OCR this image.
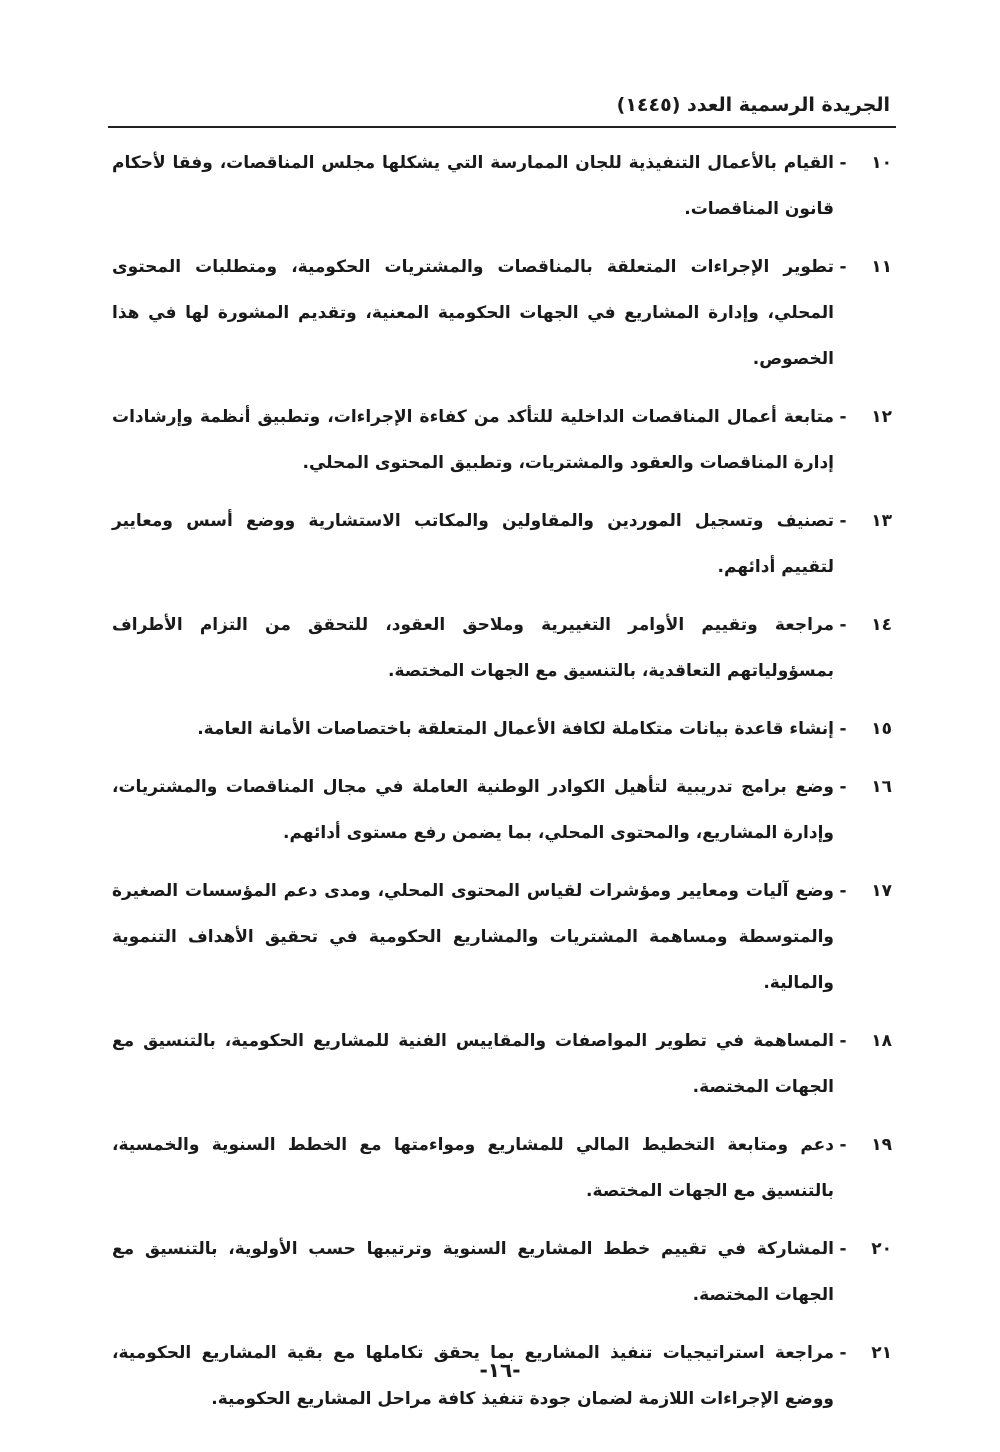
الجريدة الرسمية العدد (١٤٤٥)
١٠
-
القيام بالأعمال التنفيذية للجان الممارسة التي يشكلها مجلس المناقصات، وفقا لأحكام قانون المناقصات.
١١
-
تطوير الإجراءات المتعلقة بالمناقصات والمشتريات الحكومية، ومتطلبات المحتوى المحلي، وإدارة المشاريع في الجهات الحكومية المعنية، وتقديم المشورة لها في هذا الخصوص.
١٢
-
متابعة أعمال المناقصات الداخلية للتأكد من كفاءة الإجراءات، وتطبيق أنظمة وإرشادات إدارة المناقصات والعقود والمشتريات، وتطبيق المحتوى المحلي.
١٣
-
تصنيف وتسجيل الموردين والمقاولين والمكاتب الاستشارية ووضع أسس ومعايير لتقييم أدائهم.
١٤
-
مراجعة وتقييم الأوامر التغييرية وملاحق العقود، للتحقق من التزام الأطراف بمسؤولياتهم التعاقدية، بالتنسيق مع الجهات المختصة.
١٥
-
إنشاء قاعدة بيانات متكاملة لكافة الأعمال المتعلقة باختصاصات الأمانة العامة.
١٦
-
وضع برامج تدريبية لتأهيل الكوادر الوطنية العاملة في مجال المناقصات والمشتريات، وإدارة المشاريع، والمحتوى المحلي، بما يضمن رفع مستوى أدائهم.
١٧
-
وضع آليات ومعايير ومؤشرات لقياس المحتوى المحلي، ومدى دعم المؤسسات الصغيرة والمتوسطة ومساهمة المشتريات والمشاريع الحكومية في تحقيق الأهداف التنموية والمالية.
١٨
-
المساهمة في تطوير المواصفات والمقاييس الفنية للمشاريع الحكومية، بالتنسيق مع الجهات المختصة.
١٩
-
دعم ومتابعة التخطيط المالي للمشاريع ومواءمتها مع الخطط السنوية والخمسية، بالتنسيق مع الجهات المختصة.
٢٠
-
المشاركة في تقييم خطط المشاريع السنوية وترتيبها حسب الأولوية، بالتنسيق مع الجهات المختصة.
٢١
-
مراجعة استراتيجيات تنفيذ المشاريع بما يحقق تكاملها مع بقية المشاريع الحكومية، ووضع الإجراءات اللازمة لضمان جودة تنفيذ كافة مراحل المشاريع الحكومية.
-١٦-
